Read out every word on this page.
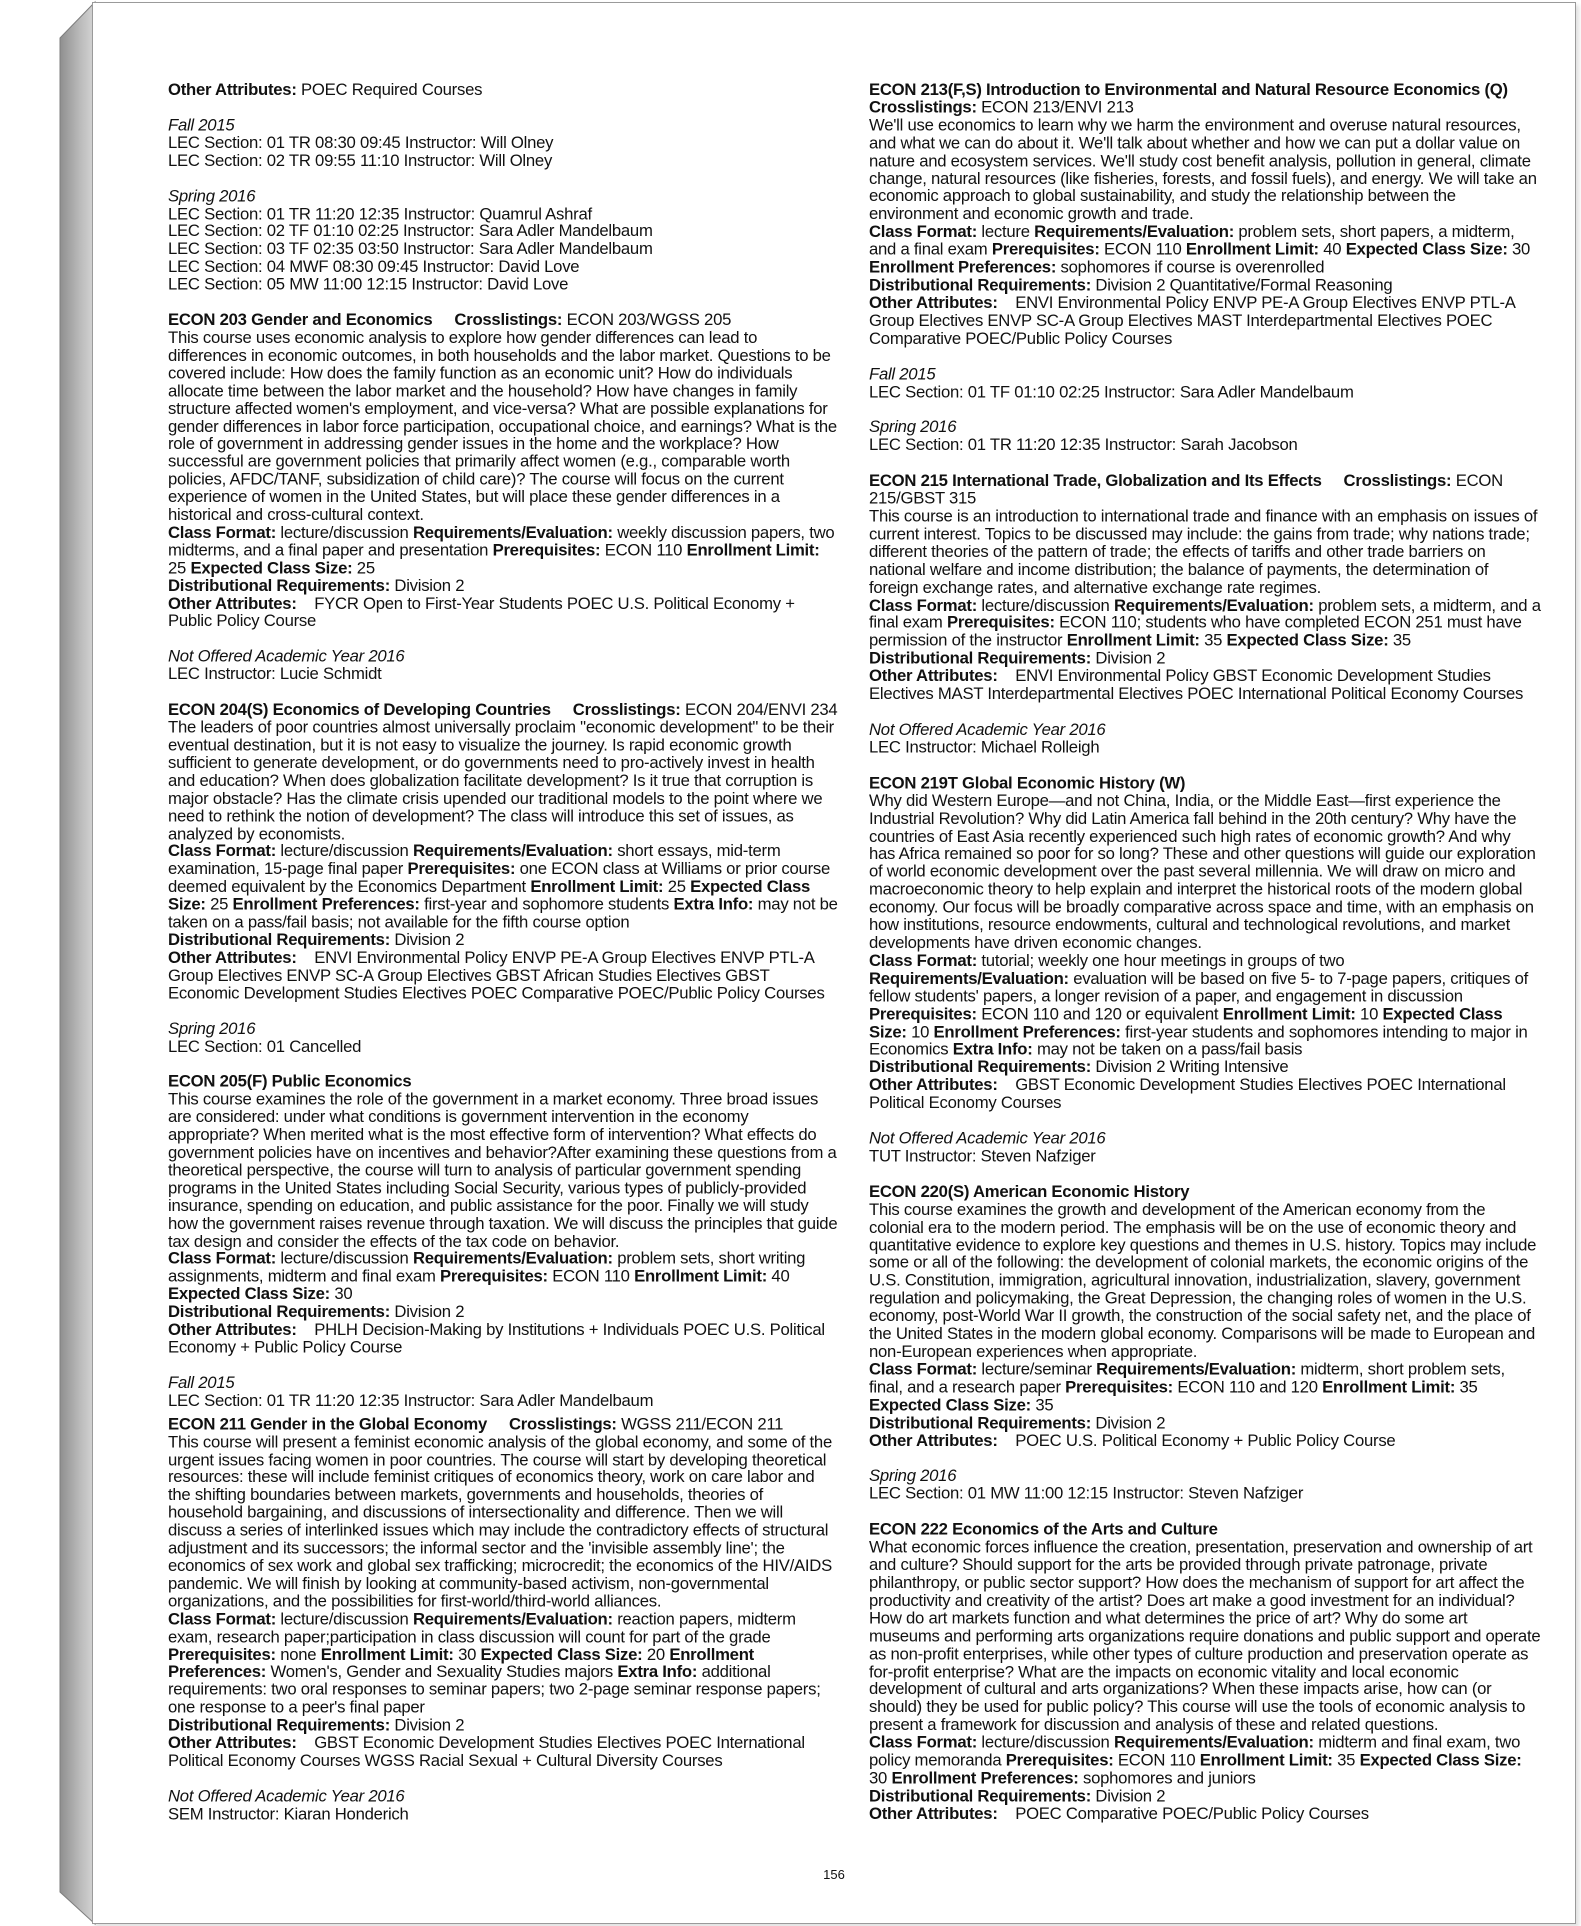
Other Attributes: POEC Required Courses

Fall 2015

LEC Section: 01 TR 08:30 09:45 Instructor: Will Olney

LEC Section: 02 TR 09:55 11:10 Instructor: Will Olney

Spring 2016

LEC Section: 01 TR 11:20 12:35 Instructor: Quamrul Ashraf

LEC Section: 02 TF 01:10 02:25 Instructor: Sara Adler Mandelbaum

LEC Section: 03 TF 02:35 03:50 Instructor: Sara Adler Mandelbaum

LEC Section: 04 MWF 08:30 09:45 Instructor: David Love

LEC Section: 05 MW 11:00 12:15 Instructor: David Love

ECON 203 Gender and Economics Crosslistings: ECON 203/WGSS 205

This course uses economic analysis to explore how gender differences can lead to differences in economic outcomes, in both households and the labor market. Questions to be covered include: How does the family function as an economic unit? How do individuals allocate time between the labor market and the household? How have changes in family structure affected women's employment, and vice-versa? What are possible explanations for gender differences in labor force participation, occupational choice, and earnings? What is the role of government in addressing gender issues in the home and the workplace? How successful are government policies that primarily affect women (e.g., comparable worth policies, AFDC/TANF, subsidization of child care)? The course will focus on the current experience of women in the United States, but will place these gender differences in a historical and cross-cultural context.

Class Format: lecture/discussion Requirements/Evaluation: weekly discussion papers, two midterms, and a final paper and presentation Prerequisites: ECON 110 Enrollment Limit: 25 Expected Class Size: 25

Distributional Requirements: Division 2

Other Attributes: FYCR Open to First-Year Students POEC U.S. Political Economy + Public Policy Course

Not Offered Academic Year 2016

LEC Instructor: Lucie Schmidt

ECON 204(S) Economics of Developing Countries Crosslistings: ECON 204/ENVI 234

The leaders of poor countries almost universally proclaim "economic development" to be their eventual destination, but it is not easy to visualize the journey. Is rapid economic growth sufficient to generate development, or do governments need to pro-actively invest in health and education? When does globalization facilitate development? Is it true that corruption is major obstacle? Has the climate crisis upended our traditional models to the point where we need to rethink the notion of development? The class will introduce this set of issues, as analyzed by economists.

Class Format: lecture/discussion Requirements/Evaluation: short essays, mid-term examination, 15-page final paper Prerequisites: one ECON class at Williams or prior course deemed equivalent by the Economics Department Enrollment Limit: 25 Expected Class Size: 25 Enrollment Preferences: first-year and sophomore students Extra Info: may not be taken on a pass/fail basis; not available for the fifth course option

Distributional Requirements: Division 2

Other Attributes: ENVI Environmental Policy ENVP PE-A Group Electives ENVP PTL-A Group Electives ENVP SC-A Group Electives GBST African Studies Electives GBST Economic Development Studies Electives POEC Comparative POEC/Public Policy Courses

Spring 2016

LEC Section: 01 Cancelled

ECON 205(F) Public Economics

This course examines the role of the government in a market economy. Three broad issues are considered: under what conditions is government intervention in the economy appropriate? When merited what is the most effective form of intervention? What effects do government policies have on incentives and behavior?After examining these questions from a theoretical perspective, the course will turn to analysis of particular government spending programs in the United States including Social Security, various types of publicly-provided insurance, spending on education, and public assistance for the poor. Finally we will study how the government raises revenue through taxation. We will discuss the principles that guide tax design and consider the effects of the tax code on behavior.

Class Format: lecture/discussion Requirements/Evaluation: problem sets, short writing assignments, midterm and final exam Prerequisites: ECON 110 Enrollment Limit: 40 Expected Class Size: 30

Distributional Requirements: Division 2

Other Attributes: PHLH Decision-Making by Institutions + Individuals POEC U.S. Political Economy + Public Policy Course

Fall 2015

LEC Section: 01 TR 11:20 12:35 Instructor: Sara Adler Mandelbaum

ECON 211 Gender in the Global Economy Crosslistings: WGSS 211/ECON 211

This course will present a feminist economic analysis of the global economy, and some of the urgent issues facing women in poor countries. The course will start by developing theoretical resources: these will include feminist critiques of economics theory, work on care labor and the shifting boundaries between markets, governments and households, theories of household bargaining, and discussions of intersectionality and difference. Then we will discuss a series of interlinked issues which may include the contradictory effects of structural adjustment and its successors; the informal sector and the 'invisible assembly line'; the economics of sex work and global sex trafficking; microcredit; the economics of the HIV/AIDS pandemic. We will finish by looking at community-based activism, non-governmental organizations, and the possibilities for first-world/third-world alliances.

Class Format: lecture/discussion Requirements/Evaluation: reaction papers, midterm exam, research paper;participation in class discussion will count for part of the grade Prerequisites: none Enrollment Limit: 30 Expected Class Size: 20 Enrollment Preferences: Women's, Gender and Sexuality Studies majors Extra Info: additional requirements: two oral responses to seminar papers; two 2-page seminar response papers; one response to a peer's final paper

Distributional Requirements: Division 2

Other Attributes: GBST Economic Development Studies Electives POEC International Political Economy Courses WGSS Racial Sexual + Cultural Diversity Courses

Not Offered Academic Year 2016

SEM Instructor: Kiaran Honderich

ECON 213(F,S) Introduction to Environmental and Natural Resource Economics (Q)

Crosslistings: ECON 213/ENVI 213

We'll use economics to learn why we harm the environment and overuse natural resources, and what we can do about it. We'll talk about whether and how we can put a dollar value on nature and ecosystem services. We'll study cost benefit analysis, pollution in general, climate change, natural resources (like fisheries, forests, and fossil fuels), and energy. We will take an economic approach to global sustainability, and study the relationship between the environment and economic growth and trade.

Class Format: lecture Requirements/Evaluation: problem sets, short papers, a midterm, and a final exam Prerequisites: ECON 110 Enrollment Limit: 40 Expected Class Size: 30 Enrollment Preferences: sophomores if course is overenrolled

Distributional Requirements: Division 2 Quantitative/Formal Reasoning

Other Attributes: ENVI Environmental Policy ENVP PE-A Group Electives ENVP PTL-A Group Electives ENVP SC-A Group Electives MAST Interdepartmental Electives POEC Comparative POEC/Public Policy Courses

Fall 2015

LEC Section: 01 TF 01:10 02:25 Instructor: Sara Adler Mandelbaum

Spring 2016

LEC Section: 01 TR 11:20 12:35 Instructor: Sarah Jacobson

ECON 215 International Trade, Globalization and Its Effects Crosslistings: ECON 215/GBST 315

This course is an introduction to international trade and finance with an emphasis on issues of current interest. Topics to be discussed may include: the gains from trade; why nations trade; different theories of the pattern of trade; the effects of tariffs and other trade barriers on national welfare and income distribution; the balance of payments, the determination of foreign exchange rates, and alternative exchange rate regimes.

Class Format: lecture/discussion Requirements/Evaluation: problem sets, a midterm, and a final exam Prerequisites: ECON 110; students who have completed ECON 251 must have permission of the instructor Enrollment Limit: 35 Expected Class Size: 35

Distributional Requirements: Division 2

Other Attributes: ENVI Environmental Policy GBST Economic Development Studies Electives MAST Interdepartmental Electives POEC International Political Economy Courses

Not Offered Academic Year 2016

LEC Instructor: Michael Rolleigh

ECON 219T Global Economic History (W)

Why did Western Europe—and not China, India, or the Middle East—first experience the Industrial Revolution? Why did Latin America fall behind in the 20th century? Why have the countries of East Asia recently experienced such high rates of economic growth? And why has Africa remained so poor for so long? These and other questions will guide our exploration of world economic development over the past several millennia. We will draw on micro and macroeconomic theory to help explain and interpret the historical roots of the modern global economy. Our focus will be broadly comparative across space and time, with an emphasis on how institutions, resource endowments, cultural and technological revolutions, and market developments have driven economic changes.

Class Format: tutorial; weekly one hour meetings in groups of two Requirements/Evaluation: evaluation will be based on five 5- to 7-page papers, critiques of fellow students' papers, a longer revision of a paper, and engagement in discussion Prerequisites: ECON 110 and 120 or equivalent Enrollment Limit: 10 Expected Class Size: 10 Enrollment Preferences: first-year students and sophomores intending to major in Economics Extra Info: may not be taken on a pass/fail basis

Distributional Requirements: Division 2 Writing Intensive

Other Attributes: GBST Economic Development Studies Electives POEC International Political Economy Courses

Not Offered Academic Year 2016

TUT Instructor: Steven Nafziger

ECON 220(S) American Economic History

This course examines the growth and development of the American economy from the colonial era to the modern period. The emphasis will be on the use of economic theory and quantitative evidence to explore key questions and themes in U.S. history. Topics may include some or all of the following: the development of colonial markets, the economic origins of the U.S. Constitution, immigration, agricultural innovation, industrialization, slavery, government regulation and policymaking, the Great Depression, the changing roles of women in the U.S. economy, post-World War II growth, the construction of the social safety net, and the place of the United States in the modern global economy. Comparisons will be made to European and non-European experiences when appropriate.

Class Format: lecture/seminar Requirements/Evaluation: midterm, short problem sets, final, and a research paper Prerequisites: ECON 110 and 120 Enrollment Limit: 35 Expected Class Size: 35

Distributional Requirements: Division 2

Other Attributes: POEC U.S. Political Economy + Public Policy Course

Spring 2016

LEC Section: 01 MW 11:00 12:15 Instructor: Steven Nafziger

ECON 222 Economics of the Arts and Culture

What economic forces influence the creation, presentation, preservation and ownership of art and culture? Should support for the arts be provided through private patronage, private philanthropy, or public sector support? How does the mechanism of support for art affect the productivity and creativity of the artist? Does art make a good investment for an individual? How do art markets function and what determines the price of art? Why do some art museums and performing arts organizations require donations and public support and operate as non-profit enterprises, while other types of culture production and preservation operate as for-profit enterprise? What are the impacts on economic vitality and local economic development of cultural and arts organizations? When these impacts arise, how can (or should) they be used for public policy? This course will use the tools of economic analysis to present a framework for discussion and analysis of these and related questions.

Class Format: lecture/discussion Requirements/Evaluation: midterm and final exam, two policy memoranda Prerequisites: ECON 110 Enrollment Limit: 35 Expected Class Size: 30 Enrollment Preferences: sophomores and juniors

Distributional Requirements: Division 2

Other Attributes: POEC Comparative POEC/Public Policy Courses

156
